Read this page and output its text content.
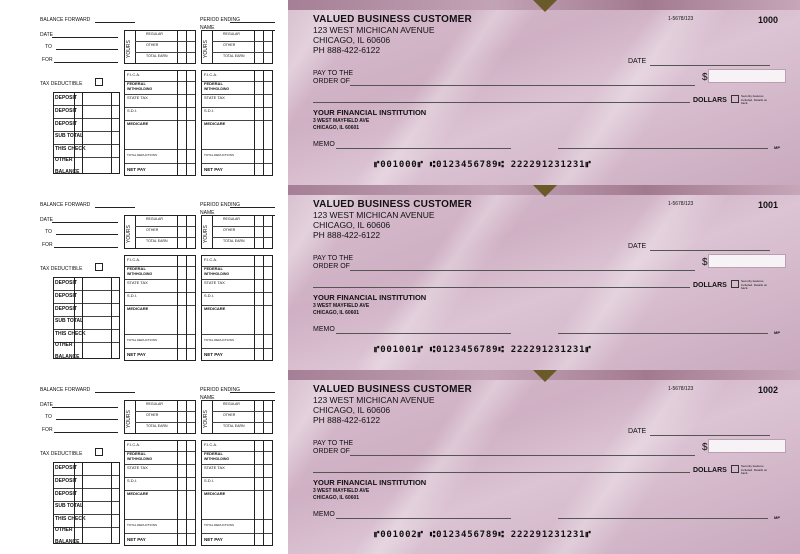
BALANCE FORWARD
DATE
TO
FOR
TAX DEDUCTIBLE
DEPOSIT
DEPOSIT
DEPOSIT
SUB TOTAL
THIS CHECK
OTHER
BALANCE
PERIOD ENDING
NAME
YOURS
REGULAR
OTHER
TOTAL EARN	YOURS
REGULAR
OTHER
TOTAL EARN
F.I.C.A.
FEDERAL
WITHHOLDING
STATE TAX
S.D.I.
MEDICARE
TOTAL DEDUCTIONS
NET PAY
F.I.C.A.
FEDERAL
WITHHOLDING
STATE TAX
S.D.I.
MEDICARE
TOTAL DEDUCTIONS
NET PAY
VALUED BUSINESS CUSTOMER
123 WEST MICHICAN AVENUE
CHICAGO, IL 60606
PH 888-422-6122
1-5678/123	1000
DATE
PAY TO THE
ORDER OF	$
DOLLARS
Security features included. Details on back.
YOUR FINANCIAL INSTITUTION
3 WEST MAYFIELD AVE
CHICAGO, IL 60601
MEMO	MP
⑈001000⑈ ⑆0123456789⑆ 222291231231⑈
BALANCE FORWARD
DATE
TO
FOR
TAX DEDUCTIBLE
DEPOSIT
DEPOSIT
DEPOSIT
SUB TOTAL
THIS CHECK
OTHER
BALANCE
PERIOD ENDING
NAME
YOURS
REGULAR
OTHER
TOTAL EARN	YOURS
REGULAR
OTHER
TOTAL EARN
F.I.C.A.
FEDERAL
WITHHOLDING
STATE TAX
S.D.I.
MEDICARE
TOTAL DEDUCTIONS
NET PAY
F.I.C.A.
FEDERAL
WITHHOLDING
STATE TAX
S.D.I.
MEDICARE
TOTAL DEDUCTIONS
NET PAY
VALUED BUSINESS CUSTOMER
123 WEST MICHICAN AVENUE
CHICAGO, IL 60606
PH 888-422-6122
1-5678/123	1001
DATE
PAY TO THE
ORDER OF	$
DOLLARS
Security features included. Details on back.
YOUR FINANCIAL INSTITUTION
3 WEST MAYFIELD AVE
CHICAGO, IL 60601
MEMO	MP
⑈001001⑈ ⑆0123456789⑆ 222291231231⑈
BALANCE FORWARD
DATE
TO
FOR
TAX DEDUCTIBLE
DEPOSIT
DEPOSIT
DEPOSIT
SUB TOTAL
THIS CHECK
OTHER
BALANCE
PERIOD ENDING
NAME
YOURS
REGULAR
OTHER
TOTAL EARN	YOURS
REGULAR
OTHER
TOTAL EARN
F.I.C.A.
FEDERAL
WITHHOLDING
STATE TAX
S.D.I.
MEDICARE
TOTAL DEDUCTIONS
NET PAY
F.I.C.A.
FEDERAL
WITHHOLDING
STATE TAX
S.D.I.
MEDICARE
TOTAL DEDUCTIONS
NET PAY
VALUED BUSINESS CUSTOMER
123 WEST MICHICAN AVENUE
CHICAGO, IL 60606
PH 888-422-6122
1-5678/123	1002
DATE
PAY TO THE
ORDER OF	$
DOLLARS
Security features included. Details on back.
YOUR FINANCIAL INSTITUTION
3 WEST MAYFIELD AVE
CHICAGO, IL 60601
MEMO	MP
⑈001002⑈ ⑆0123456789⑆ 222291231231⑈
